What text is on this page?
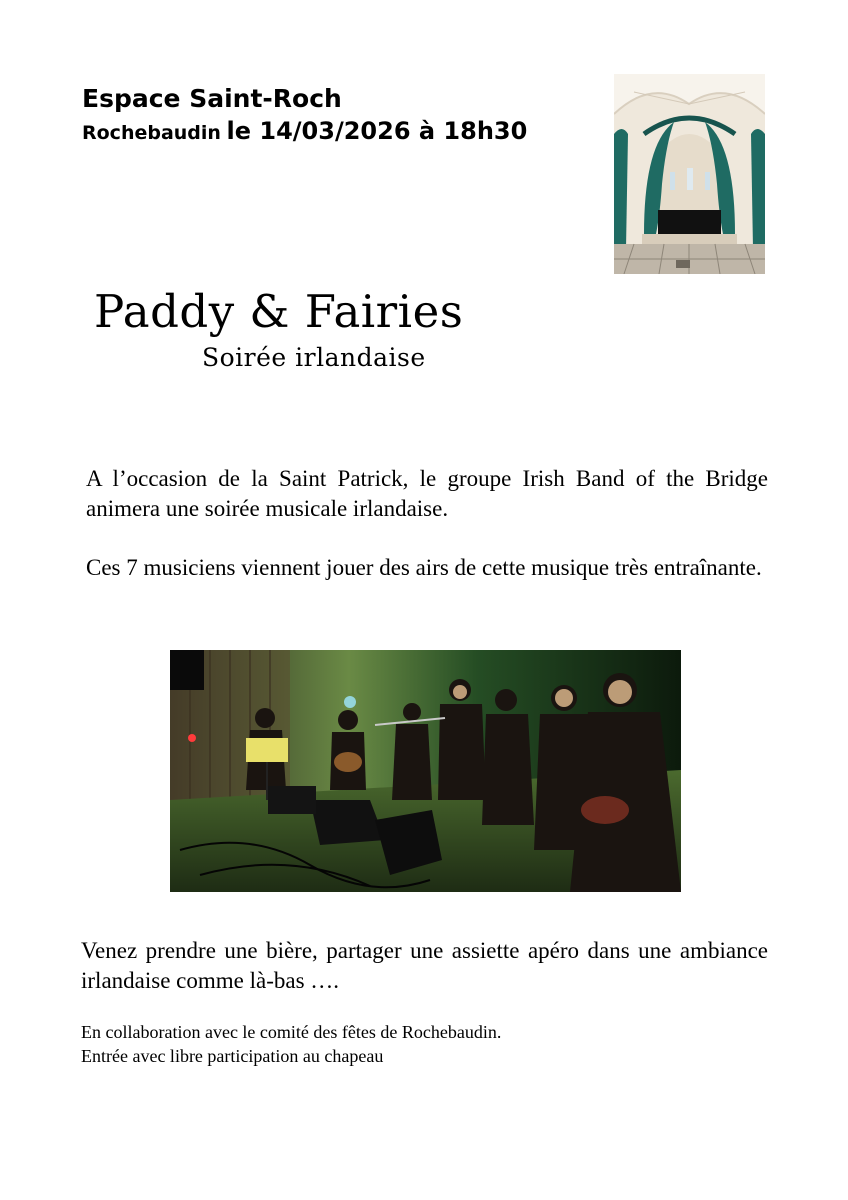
Espace Saint-Roch
Rochebaudin le 14/03/2026 à 18h30
Paddy & Fairies
Soirée irlandaise

A l’occasion de la Saint Patrick, le groupe Irish Band of the Bridge animera une soirée musicale irlandaise.

Ces 7 musiciens viennent jouer des airs de cette musique très entraînante.

Venez prendre une bière, partager une assiette apéro dans une ambiance irlandaise comme là-bas ….

En collaboration avec le comité des fêtes de Rochebaudin.
Entrée avec libre participation au chapeau
